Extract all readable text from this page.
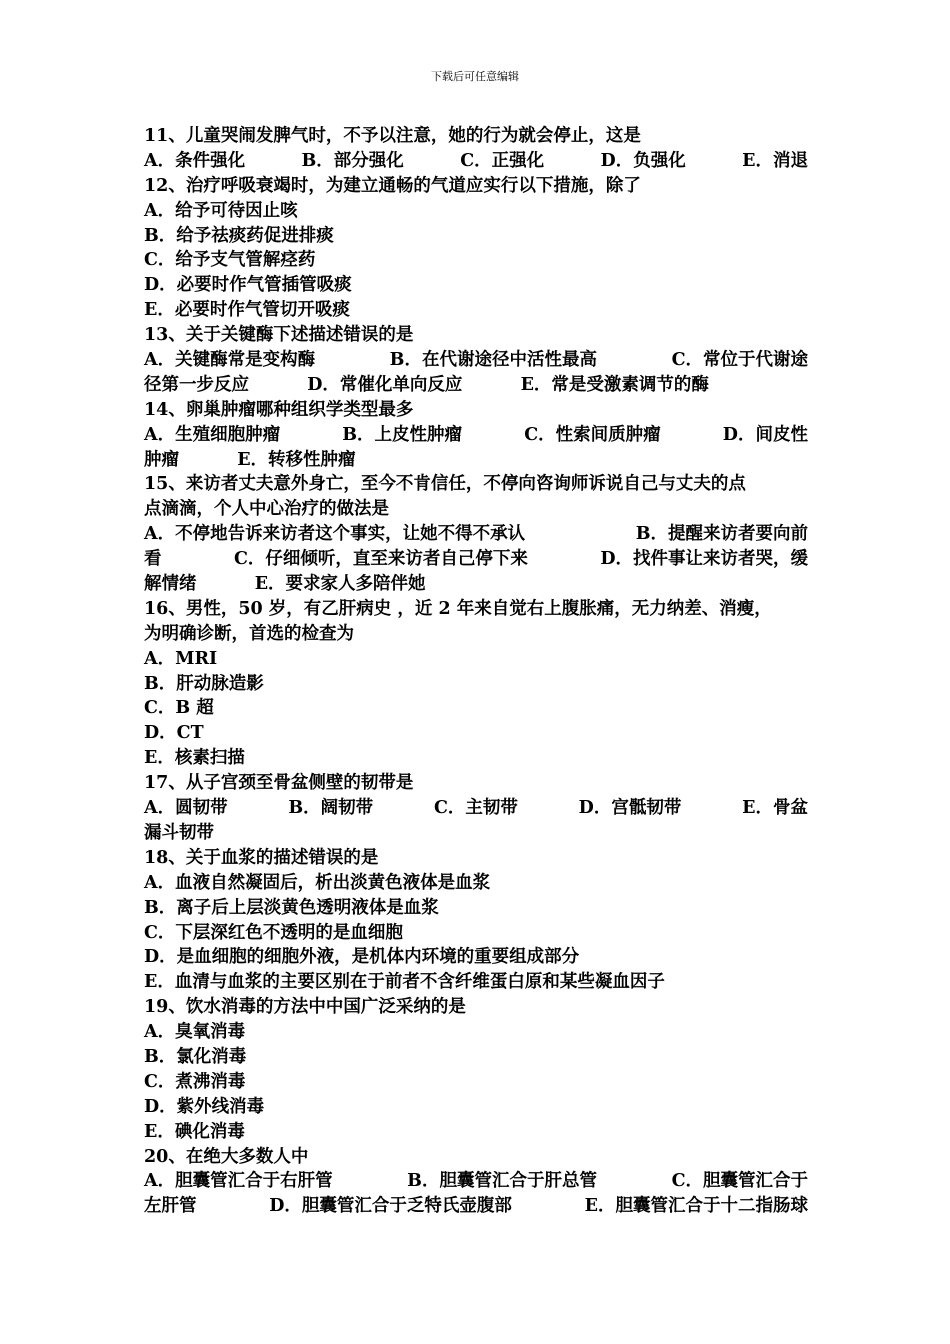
下载后可任意编辑
11、儿童哭闹发脾气时，不予以注意，她的行为就会停止，这是
A．条件强化	B．部分强化	C．正强化	D．负强化	E．消退
12、治疗呼吸衰竭时，为建立通畅的气道应实行以下措施，除了
A．给予可待因止咳
B．给予祛痰药促进排痰
C．给予支气管解痉药
D．必要时作气管插管吸痰
E．必要时作气管切开吸痰
13、关于关键酶下述描述错误的是
A．关键酶常是变构酶	B．在代谢途径中活性最高	C．常位于代谢途
径第一步反应	D．常催化单向反应	E．常是受激素调节的酶
14、卵巢肿瘤哪种组织学类型最多
A．生殖细胞肿瘤	B．上皮性肿瘤	C．性索间质肿瘤	D．间皮性
肿瘤	E．转移性肿瘤
15、来访者丈夫意外身亡，至今不肯信任，不停向咨询师诉说自己与丈夫的点
点滴滴，个人中心治疗的做法是
A．不停地告诉来访者这个事实，让她不得不承认	B．提醒来访者要向前
看	C．仔细倾听，直至来访者自己停下来	D．找件事让来访者哭，缓
解情绪	E．要求家人多陪伴她
16、男性，50 岁，有乙肝病史 ，近 2 年来自觉右上腹胀痛，无力纳差、消瘦，
为明确诊断，首选的检查为
A．MRI
B．肝动脉造影
C．B 超
D．CT
E．核素扫描
17、从子宫颈至骨盆侧壁的韧带是
A．圆韧带	B．阔韧带	C．主韧带	D．宫骶韧带	E．骨盆
漏斗韧带
18、关于血浆的描述错误的是
A．血液自然凝固后，析出淡黄色液体是血浆
B．离子后上层淡黄色透明液体是血浆
C．下层深红色不透明的是血细胞
D．是血细胞的细胞外液，是机体内环境的重要组成部分
E．血清与血浆的主要区别在于前者不含纤维蛋白原和某些凝血因子
19、饮水消毒的方法中中国广泛采纳的是
A．臭氧消毒
B．氯化消毒
C．煮沸消毒
D．紫外线消毒
E．碘化消毒
20、在绝大多数人中
A．胆囊管汇合于右肝管	B．胆囊管汇合于肝总管	C．胆囊管汇合于
左肝管	D．胆囊管汇合于乏特氏壶腹部	E．胆囊管汇合于十二指肠球
